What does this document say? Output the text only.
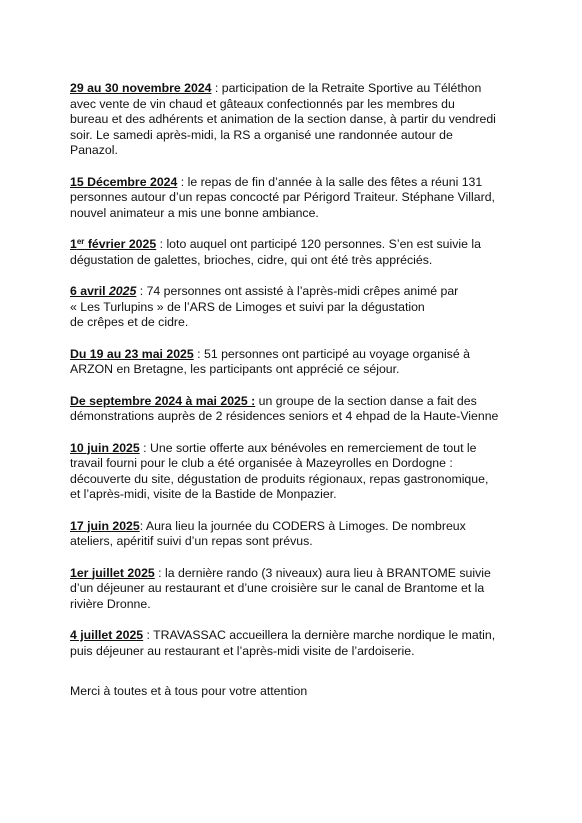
29 au 30 novembre 2024 : participation de la Retraite Sportive au Téléthon
avec vente de vin chaud et gâteaux confectionnés par les membres du
bureau et des adhérents et animation de la section danse, à partir du vendredi
soir. Le samedi après-midi, la RS a organisé une randonnée autour de
Panazol.
15 Décembre 2024 : le repas de fin d’année à la salle des fêtes a réuni 131
personnes autour d’un repas concocté par Périgord Traiteur. Stéphane Villard,
nouvel animateur a mis une bonne ambiance.
1er février 2025 : loto auquel ont participé 120 personnes. S’en est suivie la
dégustation de galettes, brioches, cidre, qui ont été très appréciés.
6 avril 2025 : 74 personnes ont assisté à l’après-midi crêpes animé par
« Les Turlupins » de l’ARS de Limoges et suivi par la dégustation
de crêpes et de cidre.
Du 19 au 23 mai 2025 : 51 personnes ont participé au voyage organisé à
ARZON en Bretagne, les participants ont apprécié ce séjour.
De septembre 2024 à mai 2025 : un groupe de la section danse a fait des
démonstrations auprès de 2 résidences seniors et 4 ehpad de la Haute-Vienne
10 juin 2025 : Une sortie offerte aux bénévoles en remerciement de tout le
travail fourni pour le club a été organisée à Mazeyrolles en Dordogne :
découverte du site, dégustation de produits régionaux, repas gastronomique,
et l’après-midi, visite de la Bastide de Monpazier.
17 juin 2025: Aura lieu la journée du CODERS à Limoges. De nombreux
ateliers, apéritif suivi d’un repas sont prévus.
1er juillet 2025 : la dernière rando (3 niveaux) aura lieu à BRANTOME suivie
d’un déjeuner au restaurant et d’une croisière sur le canal de Brantome et la
rivière Dronne.
4 juillet 2025 : TRAVASSAC accueillera la dernière marche nordique le matin,
puis déjeuner au restaurant et l’après-midi visite de l’ardoiserie.
Merci à toutes et à tous pour votre attention
